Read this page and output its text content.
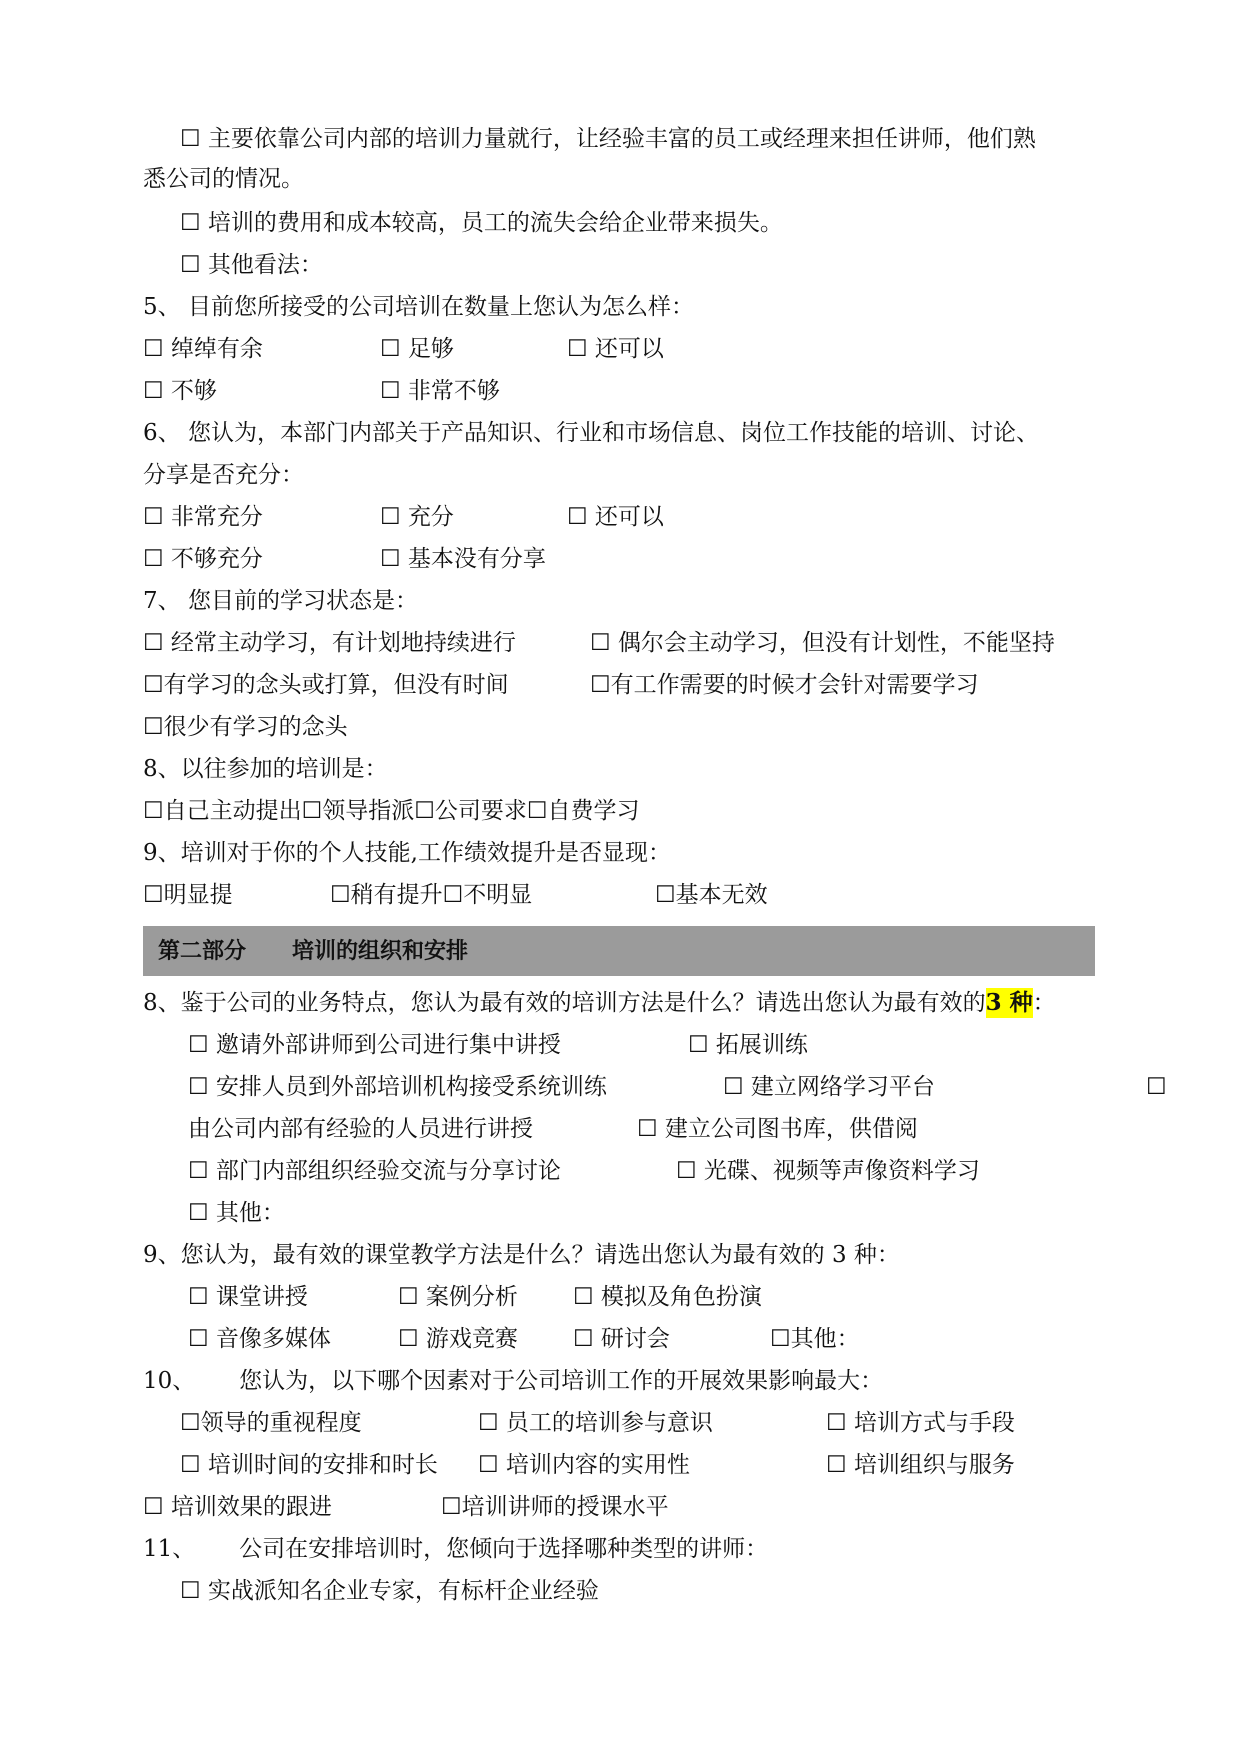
☐ 主要依靠公司内部的培训力量就行，让经验丰富的员工或经理来担任讲师，他们熟
悉公司的情况。
☐ 培训的费用和成本较高，员工的流失会给企业带来损失。
☐ 其他看法：
5、 目前您所接受的公司培训在数量上您认为怎么样：
☐ 绰绰有余	☐ 足够	☐ 还可以
☐ 不够	☐ 非常不够
6、 您认为，本部门内部关于产品知识、行业和市场信息、岗位工作技能的培训、讨论、
分享是否充分：
☐ 非常充分	☐ 充分	☐ 还可以
☐ 不够充分	☐ 基本没有分享
7、 您目前的学习状态是：
☐ 经常主动学习，有计划地持续进行	☐ 偶尔会主动学习，但没有计划性，不能坚持
☐有学习的念头或打算，但没有时间	☐有工作需要的时候才会针对需要学习
☐很少有学习的念头
8、以往参加的培训是：
☐自己主动提出☐领导指派☐公司要求☐自费学习
9、培训对于你的个人技能,工作绩效提升是否显现：
☐明显提	☐稍有提升☐不明显	☐基本无效
第二部分      培训的组织和安排
8、鉴于公司的业务特点，您认为最有效的培训方法是什么？请选出您认为最有效的3 种：
☐ 邀请外部讲师到公司进行集中讲授	☐ 拓展训练
☐ 安排人员到外部培训机构接受系统训练	☐ 建立网络学习平台	☐
由公司内部有经验的人员进行讲授	☐ 建立公司图书库，供借阅
☐ 部门内部组织经验交流与分享讨论	☐ 光碟、视频等声像资料学习
☐ 其他：
9、您认为，最有效的课堂教学方法是什么？请选出您认为最有效的 3 种：
☐ 课堂讲授	☐ 案例分析 ☐ 模拟及角色扮演
☐ 音像多媒体	☐ 游戏竞赛 ☐ 研讨会	☐其他：
10、      您认为，以下哪个因素对于公司培训工作的开展效果影响最大：
☐领导的重视程度	☐ 员工的培训参与意识	☐ 培训方式与手段
☐ 培训时间的安排和时长 ☐ 培训内容的实用性	☐ 培训组织与服务
☐ 培训效果的跟进	☐培训讲师的授课水平
11、      公司在安排培训时，您倾向于选择哪种类型的讲师：
☐ 实战派知名企业专家，有标杆企业经验
